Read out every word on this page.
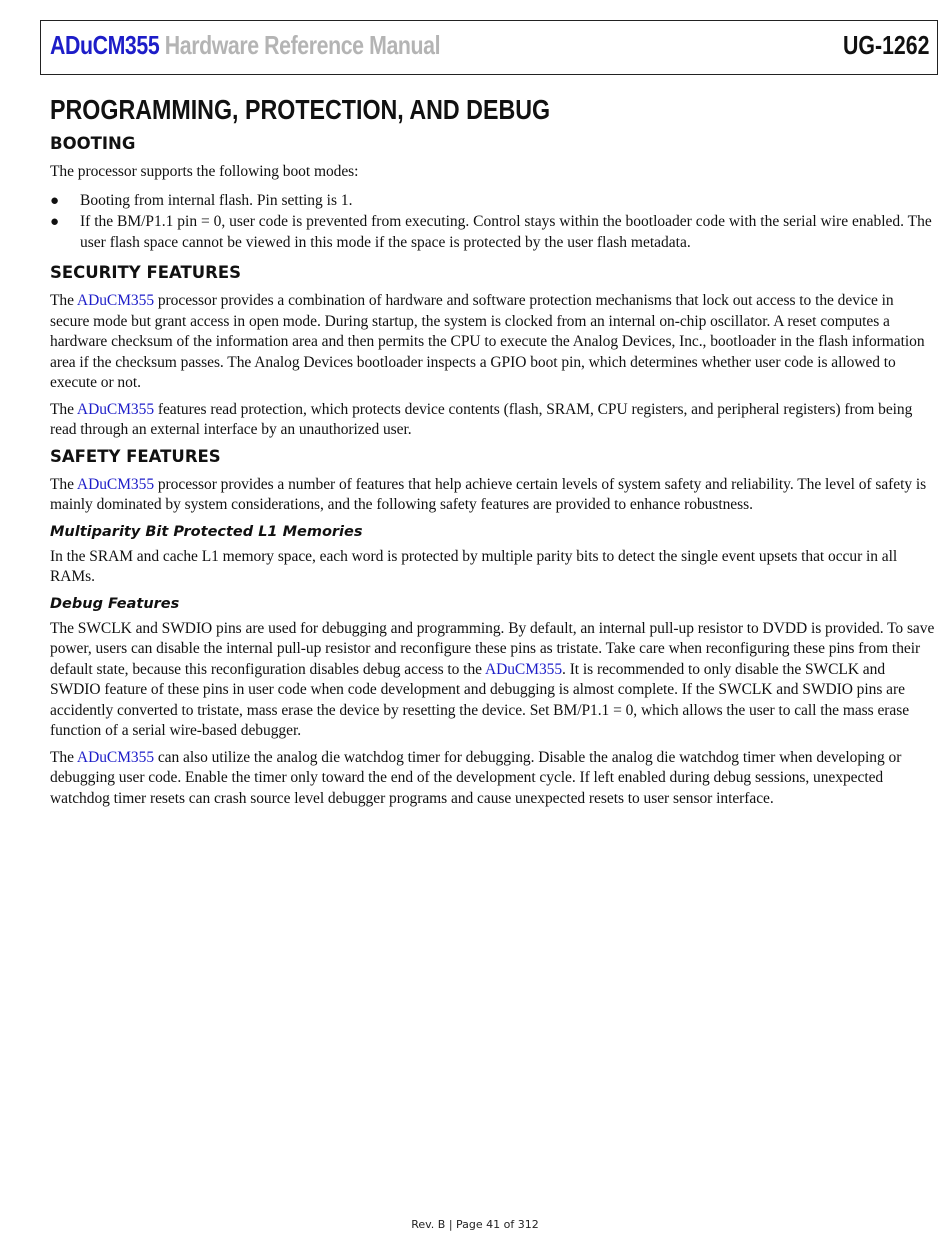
ADuCM355 Hardware Reference Manual	UG-1262
PROGRAMMING, PROTECTION, AND DEBUG
BOOTING
The processor supports the following boot modes:
● Booting from internal flash. Pin setting is 1.
● If the BM/P1.1 pin = 0, user code is prevented from executing. Control stays within the bootloader code with the serial wire enabled. The user flash space cannot be viewed in this mode if the space is protected by the user flash metadata.
SECURITY FEATURES
The ADuCM355 processor provides a combination of hardware and software protection mechanisms that lock out access to the device in secure mode but grant access in open mode. During startup, the system is clocked from an internal on-chip oscillator. A reset computes a hardware checksum of the information area and then permits the CPU to execute the Analog Devices, Inc., bootloader in the flash information area if the checksum passes. The Analog Devices bootloader inspects a GPIO boot pin, which determines whether user code is allowed to execute or not.
The ADuCM355 features read protection, which protects device contents (flash, SRAM, CPU registers, and peripheral registers) from being read through an external interface by an unauthorized user.
SAFETY FEATURES
The ADuCM355 processor provides a number of features that help achieve certain levels of system safety and reliability. The level of safety is mainly dominated by system considerations, and the following safety features are provided to enhance robustness.
Multiparity Bit Protected L1 Memories
In the SRAM and cache L1 memory space, each word is protected by multiple parity bits to detect the single event upsets that occur in all RAMs.
Debug Features
The SWCLK and SWDIO pins are used for debugging and programming. By default, an internal pull-up resistor to DVDD is provided. To save power, users can disable the internal pull-up resistor and reconfigure these pins as tristate. Take care when reconfiguring these pins from their default state, because this reconfiguration disables debug access to the ADuCM355. It is recommended to only disable the SWCLK and SWDIO feature of these pins in user code when code development and debugging is almost complete. If the SWCLK and SWDIO pins are accidently converted to tristate, mass erase the device by resetting the device. Set BM/P1.1 = 0, which allows the user to call the mass erase function of a serial wire-based debugger.
The ADuCM355 can also utilize the analog die watchdog timer for debugging. Disable the analog die watchdog timer when developing or debugging user code. Enable the timer only toward the end of the development cycle. If left enabled during debug sessions, unexpected watchdog timer resets can crash source level debugger programs and cause unexpected resets to user sensor interface.
Rev. B | Page 41 of 312
